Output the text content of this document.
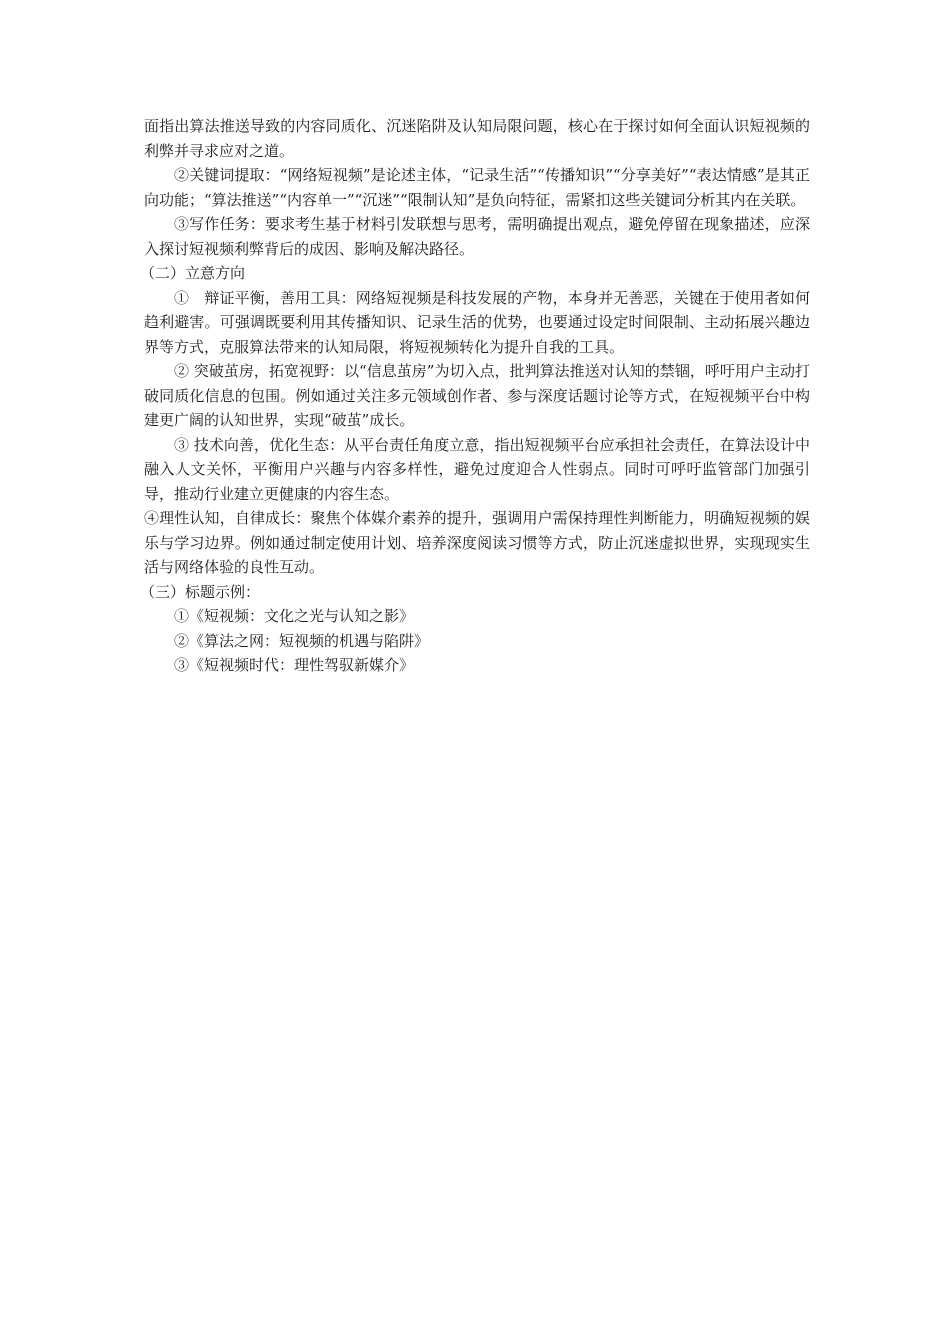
面指出算法推送导致的内容同质化、沉迷陷阱及认知局限问题，核心在于探讨如何全面认识短视频的利弊并寻求应对之道。

②关键词提取：“网络短视频”是论述主体，“记录生活”“传播知识”“分享美好”“表达情感”是其正向功能；“算法推送”“内容单一”“沉迷”“限制认知”是负向特征，需紧扣这些关键词分析其内在关联。

③写作任务：要求考生基于材料引发联想与思考，需明确提出观点，避免停留在现象描述，应深入探讨短视频利弊背后的成因、影响及解决路径。

（二）立意方向

①　辩证平衡，善用工具：网络短视频是科技发展的产物，本身并无善恶，关键在于使用者如何趋利避害。可强调既要利用其传播知识、记录生活的优势，也要通过设定时间限制、主动拓展兴趣边界等方式，克服算法带来的认知局限，将短视频转化为提升自我的工具。

② 突破茧房，拓宽视野：以“信息茧房”为切入点，批判算法推送对认知的禁锢，呼吁用户主动打破同质化信息的包围。例如通过关注多元领域创作者、参与深度话题讨论等方式，在短视频平台中构建更广阔的认知世界，实现“破茧”成长。

③ 技术向善，优化生态：从平台责任角度立意，指出短视频平台应承担社会责任，在算法设计中融入人文关怀，平衡用户兴趣与内容多样性，避免过度迎合人性弱点。同时可呼吁监管部门加强引导，推动行业建立更健康的内容生态。

④理性认知，自律成长：聚焦个体媒介素养的提升，强调用户需保持理性判断能力，明确短视频的娱乐与学习边界。例如通过制定使用计划、培养深度阅读习惯等方式，防止沉迷虚拟世界，实现现实生活与网络体验的良性互动。

（三）标题示例：

①《短视频：文化之光与认知之影》

②《算法之网：短视频的机遇与陷阱》

③《短视频时代：理性驾驭新媒介》
